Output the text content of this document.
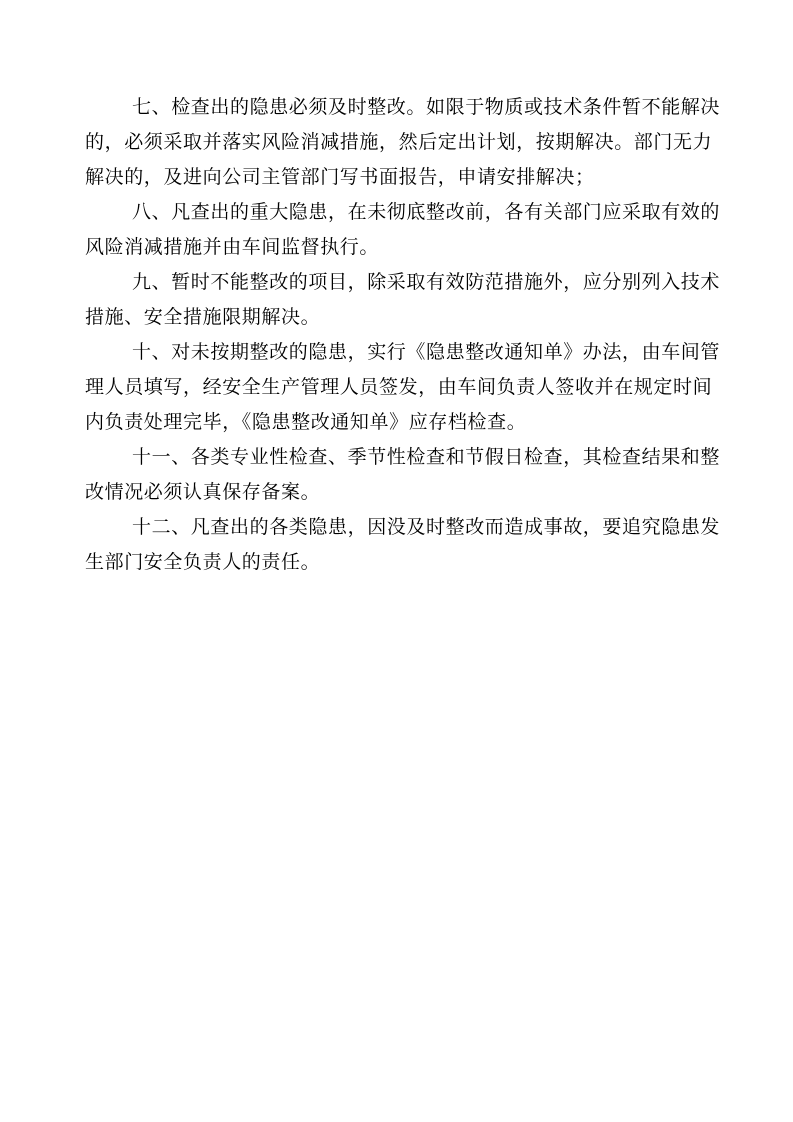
七、检查出的隐患必须及时整改。如限于物质或技术条件暂不能解决
的，必须采取并落实风险消减措施，然后定出计划，按期解决。部门无力
解决的，及进向公司主管部门写书面报告，申请安排解决；
八、凡查出的重大隐患，在未彻底整改前，各有关部门应采取有效的
风险消减措施并由车间监督执行。
九、暂时不能整改的项目，除采取有效防范措施外，应分别列入技术
措施、安全措施限期解决。
十、对未按期整改的隐患，实行《隐患整改通知单》办法，由车间管
理人员填写，经安全生产管理人员签发，由车间负责人签收并在规定时间
内负责处理完毕，《隐患整改通知单》应存档检查。
十一、各类专业性检查、季节性检查和节假日检查，其检查结果和整
改情况必须认真保存备案。
十二、凡查出的各类隐患，因没及时整改而造成事故，要追究隐患发
生部门安全负责人的责任。
